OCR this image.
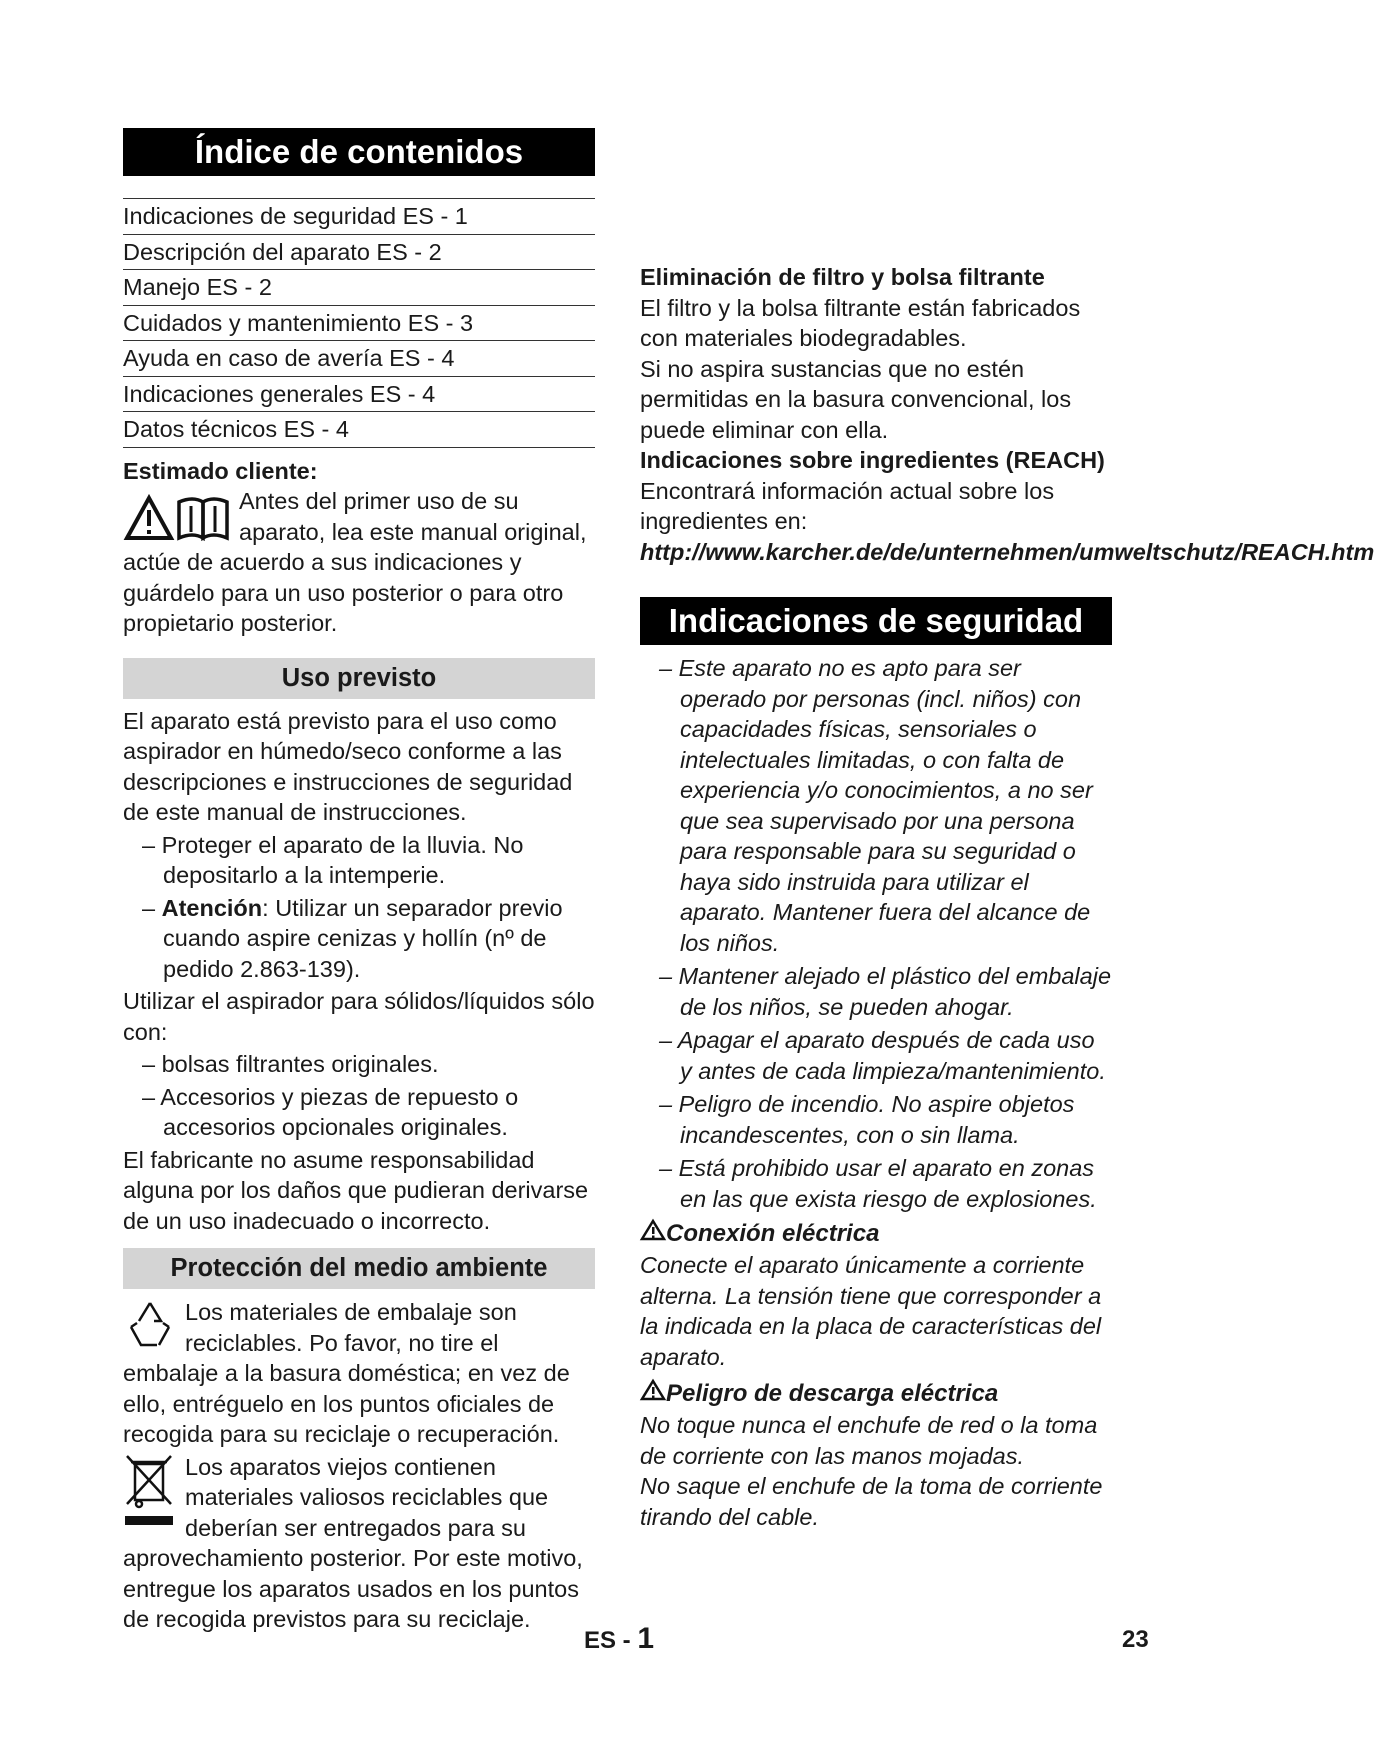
Índice de contenidos
Indicaciones de seguridad ES - 1
Descripción del aparato ES - 2
Manejo ES - 2
Cuidados y mantenimiento ES - 3
Ayuda en caso de avería ES - 4
Indicaciones generales ES - 4
Datos técnicos ES - 4

Estimado cliente:

Antes del primer uso de su aparato, lea este manual original, actúe de acuerdo a sus indicaciones y guárdelo para un uso posterior o para otro propietario posterior.

Uso previsto

El aparato está previsto para el uso como aspirador en húmedo/seco conforme a las descripciones e instrucciones de seguridad de este manual de instrucciones.

– Proteger el aparato de la lluvia. No depositarlo a la intemperie.

– Atención: Utilizar un separador previo cuando aspire cenizas y hollín (nº de pedido 2.863-139).

Utilizar el aspirador para sólidos/líquidos sólo con:

– bolsas filtrantes originales.

– Accesorios y piezas de repuesto o accesorios opcionales originales.

El fabricante no asume responsabilidad alguna por los daños que pudieran derivarse de un uso inadecuado o incorrecto.

Protección del medio ambiente

Los materiales de embalaje son reciclables. Po favor, no tire el embalaje a la basura doméstica; en vez de ello, entréguelo en los puntos oficiales de recogida para su reciclaje o recuperación.

Los aparatos viejos contienen materiales valiosos reciclables que deberían ser entregados para su aprovechamiento posterior. Por este motivo, entregue los aparatos usados en los puntos de recogida previstos para su reciclaje.

Eliminación de filtro y bolsa filtrante

El filtro y la bolsa filtrante están fabricados con materiales biodegradables.

Si no aspira sustancias que no estén permitidas en la basura convencional, los puede eliminar con ella.

Indicaciones sobre ingredientes (REACH)

Encontrará información actual sobre los ingredientes en:

http://www.karcher.de/de/unternehmen/umweltschutz/REACH.htm

Indicaciones de seguridad

– Este aparato no es apto para ser operado por personas (incl. niños) con capacidades físicas, sensoriales o intelectuales limitadas, o con falta de experiencia y/o conocimientos, a no ser que sea supervisado por una persona para responsable para su seguridad o haya sido instruida para utilizar el aparato. Mantener fuera del alcance de los niños.

– Mantener alejado el plástico del embalaje de los niños, se pueden ahogar.

– Apagar el aparato después de cada uso y antes de cada limpieza/mantenimiento.

– Peligro de incendio. No aspire objetos incandescentes, con o sin llama.

– Está prohibido usar el aparato en zonas en las que exista riesgo de explosiones.

Conexión eléctrica

Conecte el aparato únicamente a corriente alterna. La tensión tiene que corresponder a la indicada en la placa de características del aparato.

Peligro de descarga eléctrica

No toque nunca el enchufe de red o la toma de corriente con las manos mojadas.

No saque el enchufe de la toma de corriente tirando del cable.

ES - 1	23
